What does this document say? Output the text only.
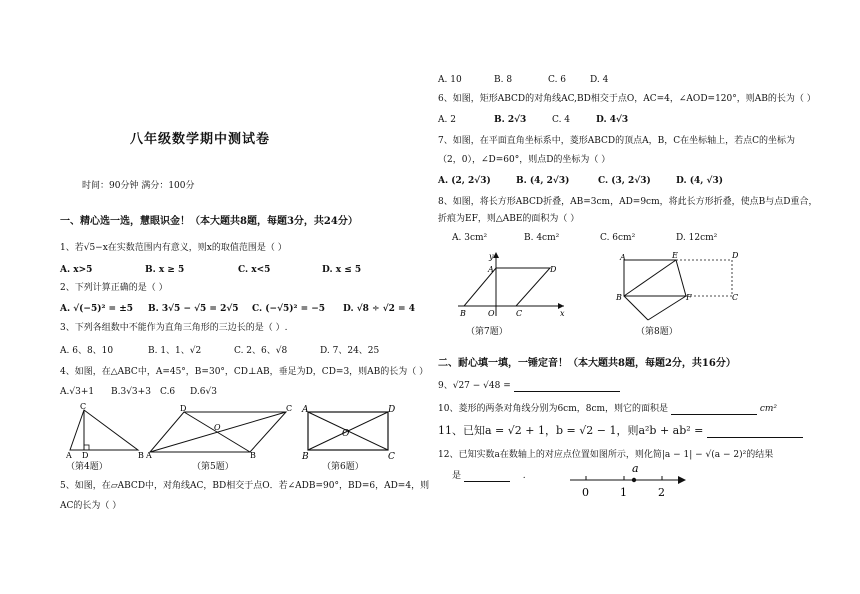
八年级数学期中测试卷
时间：90分钟 满分：100分
一、精心选一选，慧眼识金！（本大题共8题，每题3分，共24分）
1、若√5−x在实数范围内有意义，则x的取值范围是（ ）
A. x>5	B. x ≥ 5	C. x<5	D. x ≤ 5
2、下列计算正确的是（ ）
A. √(−5)² = ±5 B. 3√5 − √5 = 2√5 C. (−√5)² = −5 D. √8 ÷ √2 = 4
3、下列各组数中不能作为直角三角形的三边长的是（ ）.
A. 6、8、10	B. 1、1、√2	C. 2、6、√8	D. 7、24、25
4、如图，在△ABC中，A=45°，B=30°，CD⊥AB，垂足为D，CD=3，则AB的长为（ ）
A.√3+1 B.3√3+3 C.6 D.6√3
C
A D	B
D	C
A	B
O
A	D
B	C
O
（第4题）	（第5题）	（第6题）
5、如图，在▱ABCD中，对角线AC，BD相交于点O．若∠ADB=90°，BD=6，AD=4，则
AC的长为（ ）
A. 10	B. 8	C. 6	D. 4
6、如图，矩形ABCD的对角线AC,BD相交于点O，AC=4，∠AOD=120°，则AB的长为（ ）
A. 2	B. 2√3	C. 4	D. 4√3
7、如图，在平面直角坐标系中，菱形ABCD的顶点A，B，C在坐标轴上，若点C的坐标为
（2，0），∠D=60°，则点D的坐标为（ ）
A. (2, 2√3)	B. (4, 2√3)	C. (3, 2√3)	D. (4, √3)
8、如图，将长方形ABCD折叠，AB=3cm，AD=9cm，将此长方形折叠，使点B与点D重合，
折痕为EF，则△ABE的面积为（ ）
A. 3cm²	B. 4cm²	C. 6cm²	D. 12cm²
y
A	D
B	O	C	x
A	E	D
B	F	C
（第7题）	（第8题）
二、耐心填一填，一锤定音！（本大题共8题，每题2分，共16分）
9、√27 − √48 =
10、菱形的两条对角线分别为6cm，8cm，则它的面积是	cm²
11、已知a = √2 + 1，b = √2 − 1，则a²b + ab² =
12、已知实数a在数轴上的对应点位置如图所示，则化简|a − 1| − √(a − 2)²的结果
是	.
a
0	1	2
